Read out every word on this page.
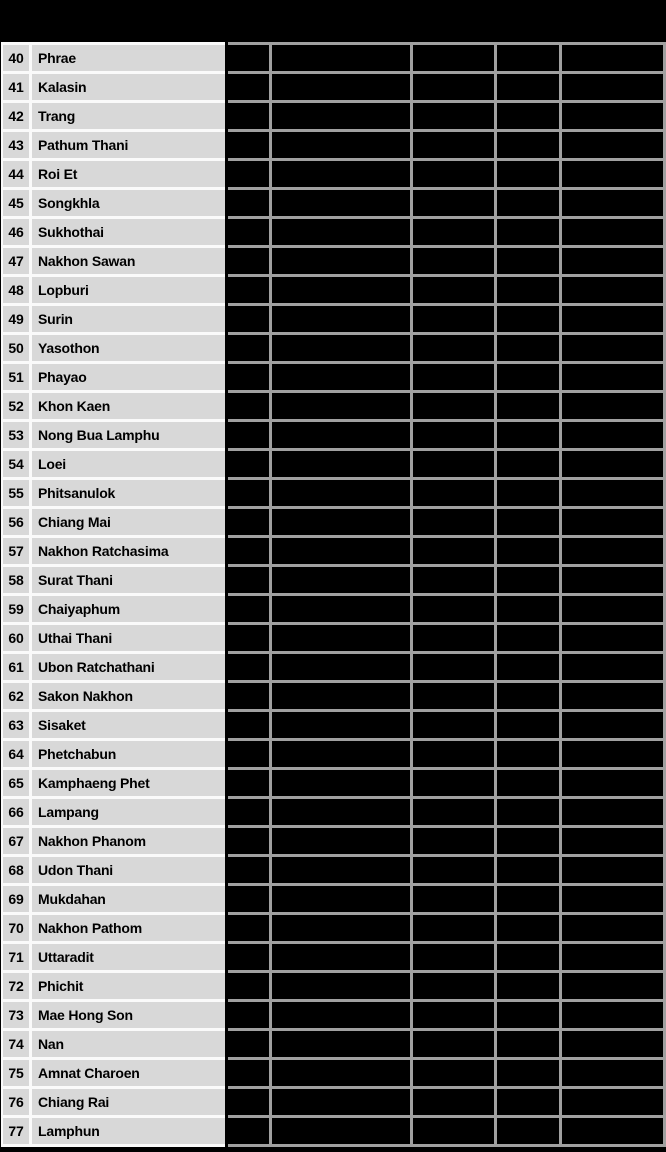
40	Phrae
41	Kalasin
42	Trang
43	Pathum Thani
44	Roi Et
45	Songkhla
46	Sukhothai
47	Nakhon Sawan
48	Lopburi
49	Surin
50	Yasothon
51	Phayao
52	Khon Kaen
53	Nong Bua Lamphu
54	Loei
55	Phitsanulok
56	Chiang Mai
57	Nakhon Ratchasima
58	Surat Thani
59	Chaiyaphum
60	Uthai Thani
61	Ubon Ratchathani
62	Sakon Nakhon
63	Sisaket
64	Phetchabun
65	Kamphaeng Phet
66	Lampang
67	Nakhon Phanom
68	Udon Thani
69	Mukdahan
70	Nakhon Pathom
71	Uttaradit
72	Phichit
73	Mae Hong Son
74	Nan
75	Amnat Charoen
76	Chiang Rai
77	Lamphun
